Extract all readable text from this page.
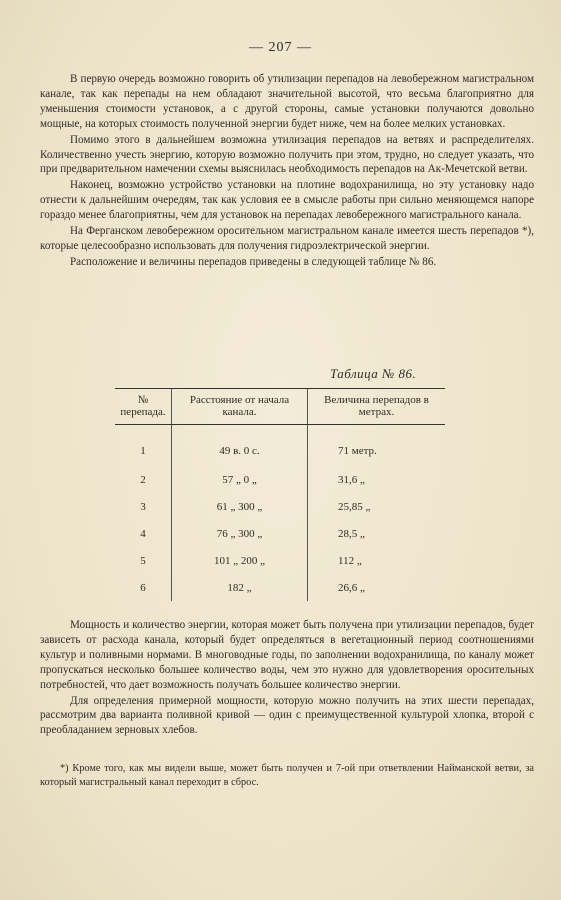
— 207 —

В первую очередь возможно говорить об утилизации перепадов на левобережном магистральном канале, так как перепады на нем обладают значительной высотой, что весьма благоприятно для уменьшения стоимости установок, а с другой стороны, самые установки получаются довольно мощные, на которых стоимость полученной энергии будет ниже, чем на более мелких установках.

Помимо этого в дальнейшем возможна утилизация перепадов на ветвях и распределителях. Количественно учесть энергию, которую возможно получить при этом, трудно, но следует указать, что при предварительном намечении схемы выяснилась необходимость перепадов на Ак-Мечетской ветви.

Наконец, возможно устройство установки на плотине водохранилища, но эту установку надо отнести к дальнейшим очередям, так как условия ее в смысле работы при сильно меняющемся напоре гораздо менее благоприятны, чем для установок на перепадах левобережного магистрального канала.

На Ферганском левобережном оросительном магистральном канале имеется шесть перепадов *), которые целесообразно использовать для получения гидроэлектрической энергии.

Расположение и величины перепадов приведены в следующей таблице № 86.

Таблица № 86.
№ перепада.	Расстояние от начала канала.	Величина перепадов в метрах.
1	49 в. 0 с.	71 метр.
2	57 „ 0 „	31,6 „
3	61 „ 300 „	25,85 „
4	76 „ 300 „	28,5 „
5	101 „ 200 „	112 „
6	182 „	26,6 „

Мощность и количество энергии, которая может быть получена при утилизации перепадов, будет зависеть от расхода канала, который будет определяться в вегетационный период соотношениями культур и поливными нормами. В многоводные годы, по заполнении водохранилища, по каналу может пропускаться несколько большее количество воды, чем это нужно для удовлетворения оросительных потребностей, что дает возможность получать большее количество энергии.

Для определения примерной мощности, которую можно получить на этих шести перепадах, рассмотрим два варианта поливной кривой — один с преимущественной культурой хлопка, второй с преобладанием зерновых хлебов.

*) Кроме того, как мы видели выше, может быть получен и 7-ой при ответвлении Наймaнской ветви, за который магистральный канал переходит в сброс.
